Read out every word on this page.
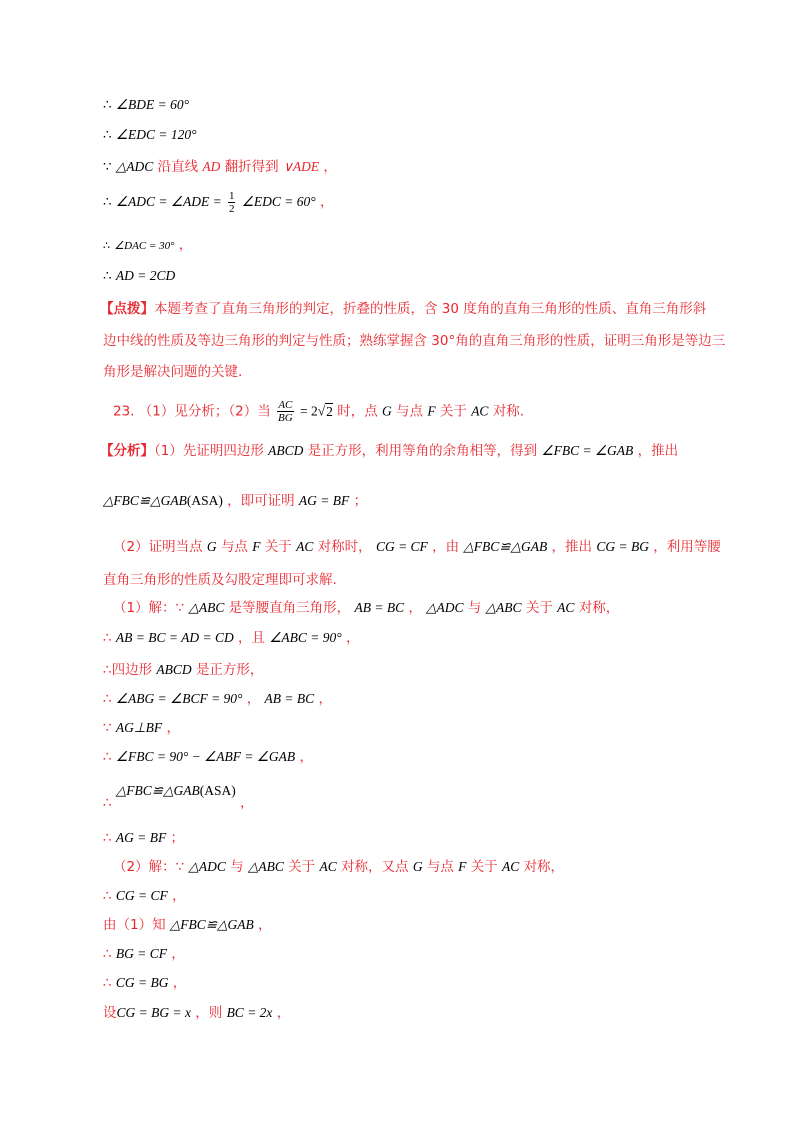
∴ ∠BDE = 60°
∴ ∠EDC = 120°
∵ △ADC 沿直线 AD 翻折得到 ∨ADE ，
∴ ∠ADC = ∠ADE = $\frac{1}{2}$ ∠EDC = 60° ，
∴ ∠DAC = 30° ，
∴ AD = 2CD
【点拨】本题考查了直角三角形的判定，折叠的性质，含 30 度角的直角三角形的性质、直角三角形斜
边中线的性质及等边三角形的判定与性质；熟练掌握含 30°角的直角三角形的性质，证明三角形是等边三
角形是解决问题的关键.
23. （1）见分析；（2）当 $\frac{AC}{BG} = 2√2$ 时，点 G 与点 F 关于 AC 对称.
【分析】（1）先证明四边形 ABCD 是正方形，利用等角的余角相等，得到 ∠FBC = ∠GAB ，推出
△FBC≌△GAB(ASA) ，即可证明 AG = BF ；
（2）证明当点 G 与点 F 关于 AC 对称时， CG = CF ，由 △FBC≌△GAB ，推出 CG = BG ，利用等腰
直角三角形的性质及勾股定理即可求解.
（1）解：∵ △ABC 是等腰直角三角形， AB = BC ， △ADC 与 △ABC 关于 AC 对称，
∴ AB = BC = AD = CD ，且 ∠ABC = 90° ，
∴四边形 ABCD 是正方形，
∴ ∠ABG = ∠BCF = 90° ， AB = BC ，
∵ AG⊥BF ，
∴ ∠FBC = 90° − ∠ABF = ∠GAB ，
∴ △FBC≌△GAB(ASA) ，
∴ AG = BF ；
（2）解：∵ △ADC 与 △ABC 关于 AC 对称，又点 G 与点 F 关于 AC 对称，
∴ CG = CF ，
由（1）知 △FBC≌△GAB ，
∴ BG = CF ，
∴ CG = BG ，
设CG = BG = x ，则 BC = 2x ，
